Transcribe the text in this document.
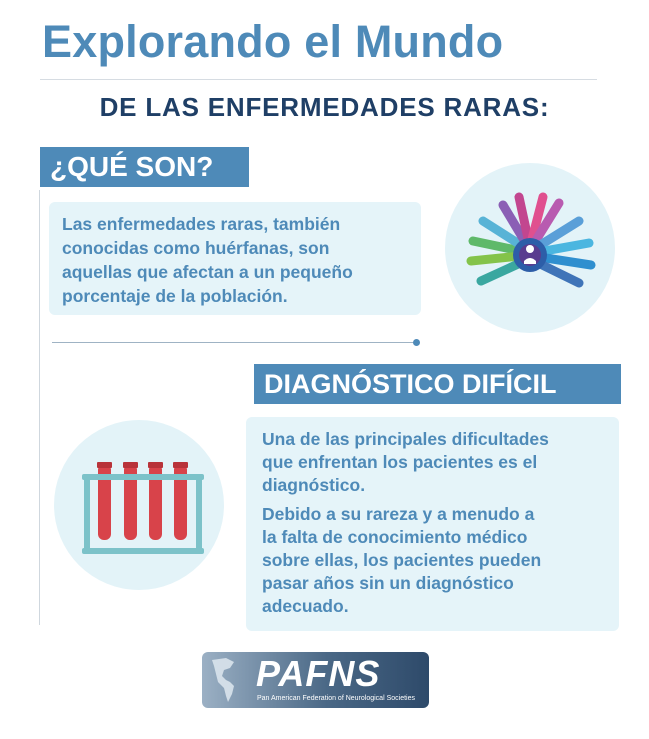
Explorando el Mundo
DE LAS ENFERMEDADES RARAS:
¿QUÉ SON?
Las enfermedades raras, también
conocidas como huérfanas, son
aquellas que afectan a un pequeño
porcentaje de la población.
DIAGNÓSTICO DIFÍCIL
Una de las principales dificultades
que enfrentan los pacientes es el
diagnóstico.
Debido a su rareza y a menudo a
la falta de conocimiento médico
sobre ellas, los pacientes pueden
pasar años sin un diagnóstico
adecuado.
PAFNS
Pan American Federation of Neurological Societies
